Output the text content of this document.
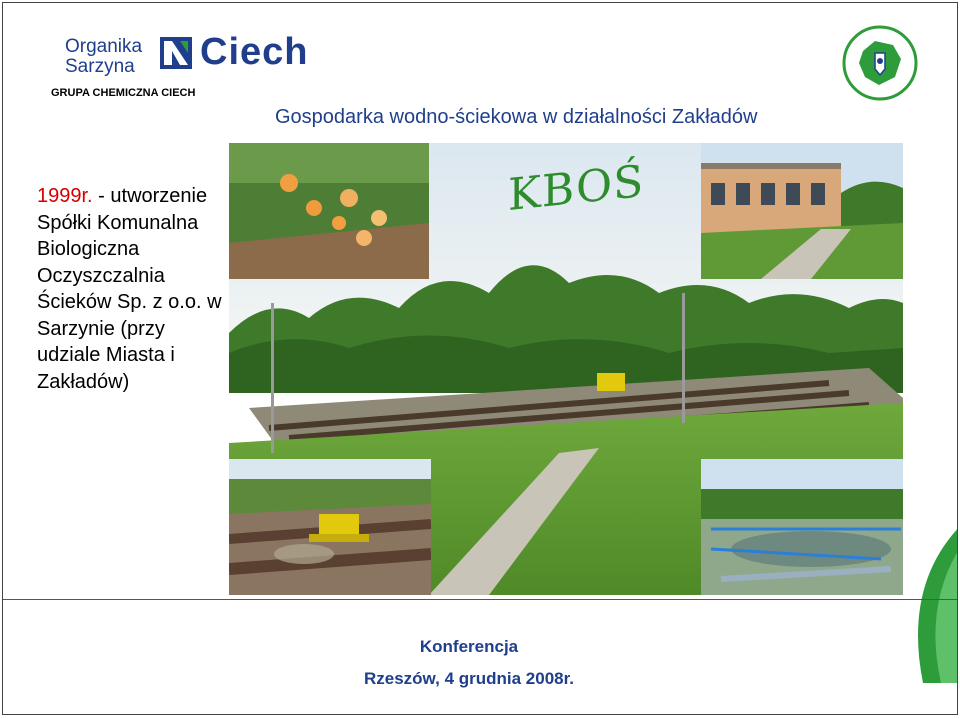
Organika
Sarzyna	Ciech
GRUPA CHEMICZNA CIECH
Gospodarka wodno-ściekowa w działalności Zakładów
1999r. - utworzenie Spółki Komunalna Biologiczna Oczyszczalnia Ścieków Sp. z o.o. w Sarzynie (przy udziale Miasta i Zakładów)
KBOŚ
Konferencja
Rzeszów, 4 grudnia 2008r.
